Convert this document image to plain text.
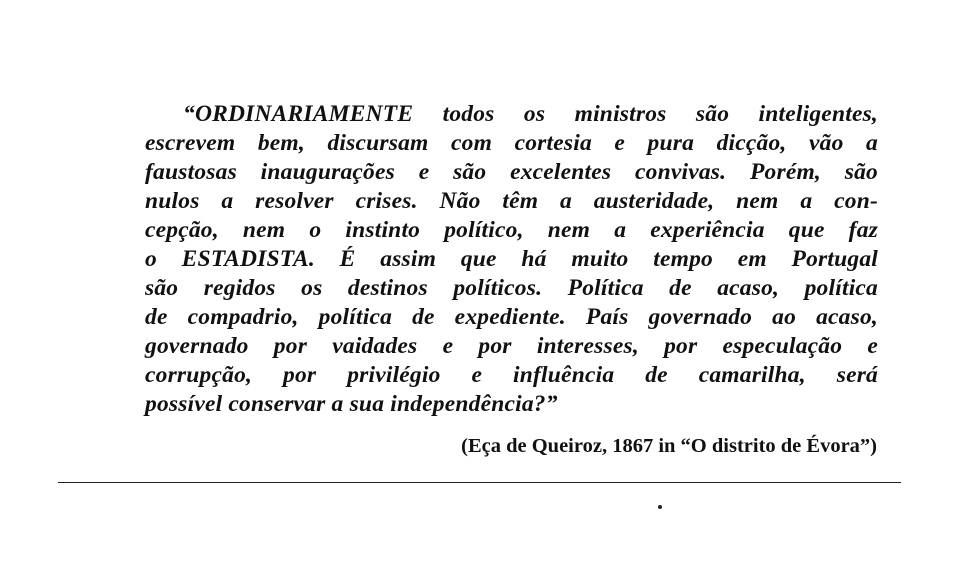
“ORDINARIAMENTE todos os ministros são inteligentes,
escrevem bem, discursam com cortesia e pura dicção, vão a
faustosas inaugurações e são excelentes convivas. Porém, são
nulos a resolver crises. Não têm a austeridade, nem a con-
cepção, nem o instinto político, nem a experiência que faz
o ESTADISTA. É assim que há muito tempo em Portugal
são regidos os destinos políticos. Política de acaso, política
de compadrio, política de expediente. País governado ao acaso,
governado por vaidades e por interesses, por especulação e
corrupção, por privilégio e influência de camarilha, será
possível conservar a sua independência?”

(Eça de Queiroz, 1867 in “O distrito de Évora”)
